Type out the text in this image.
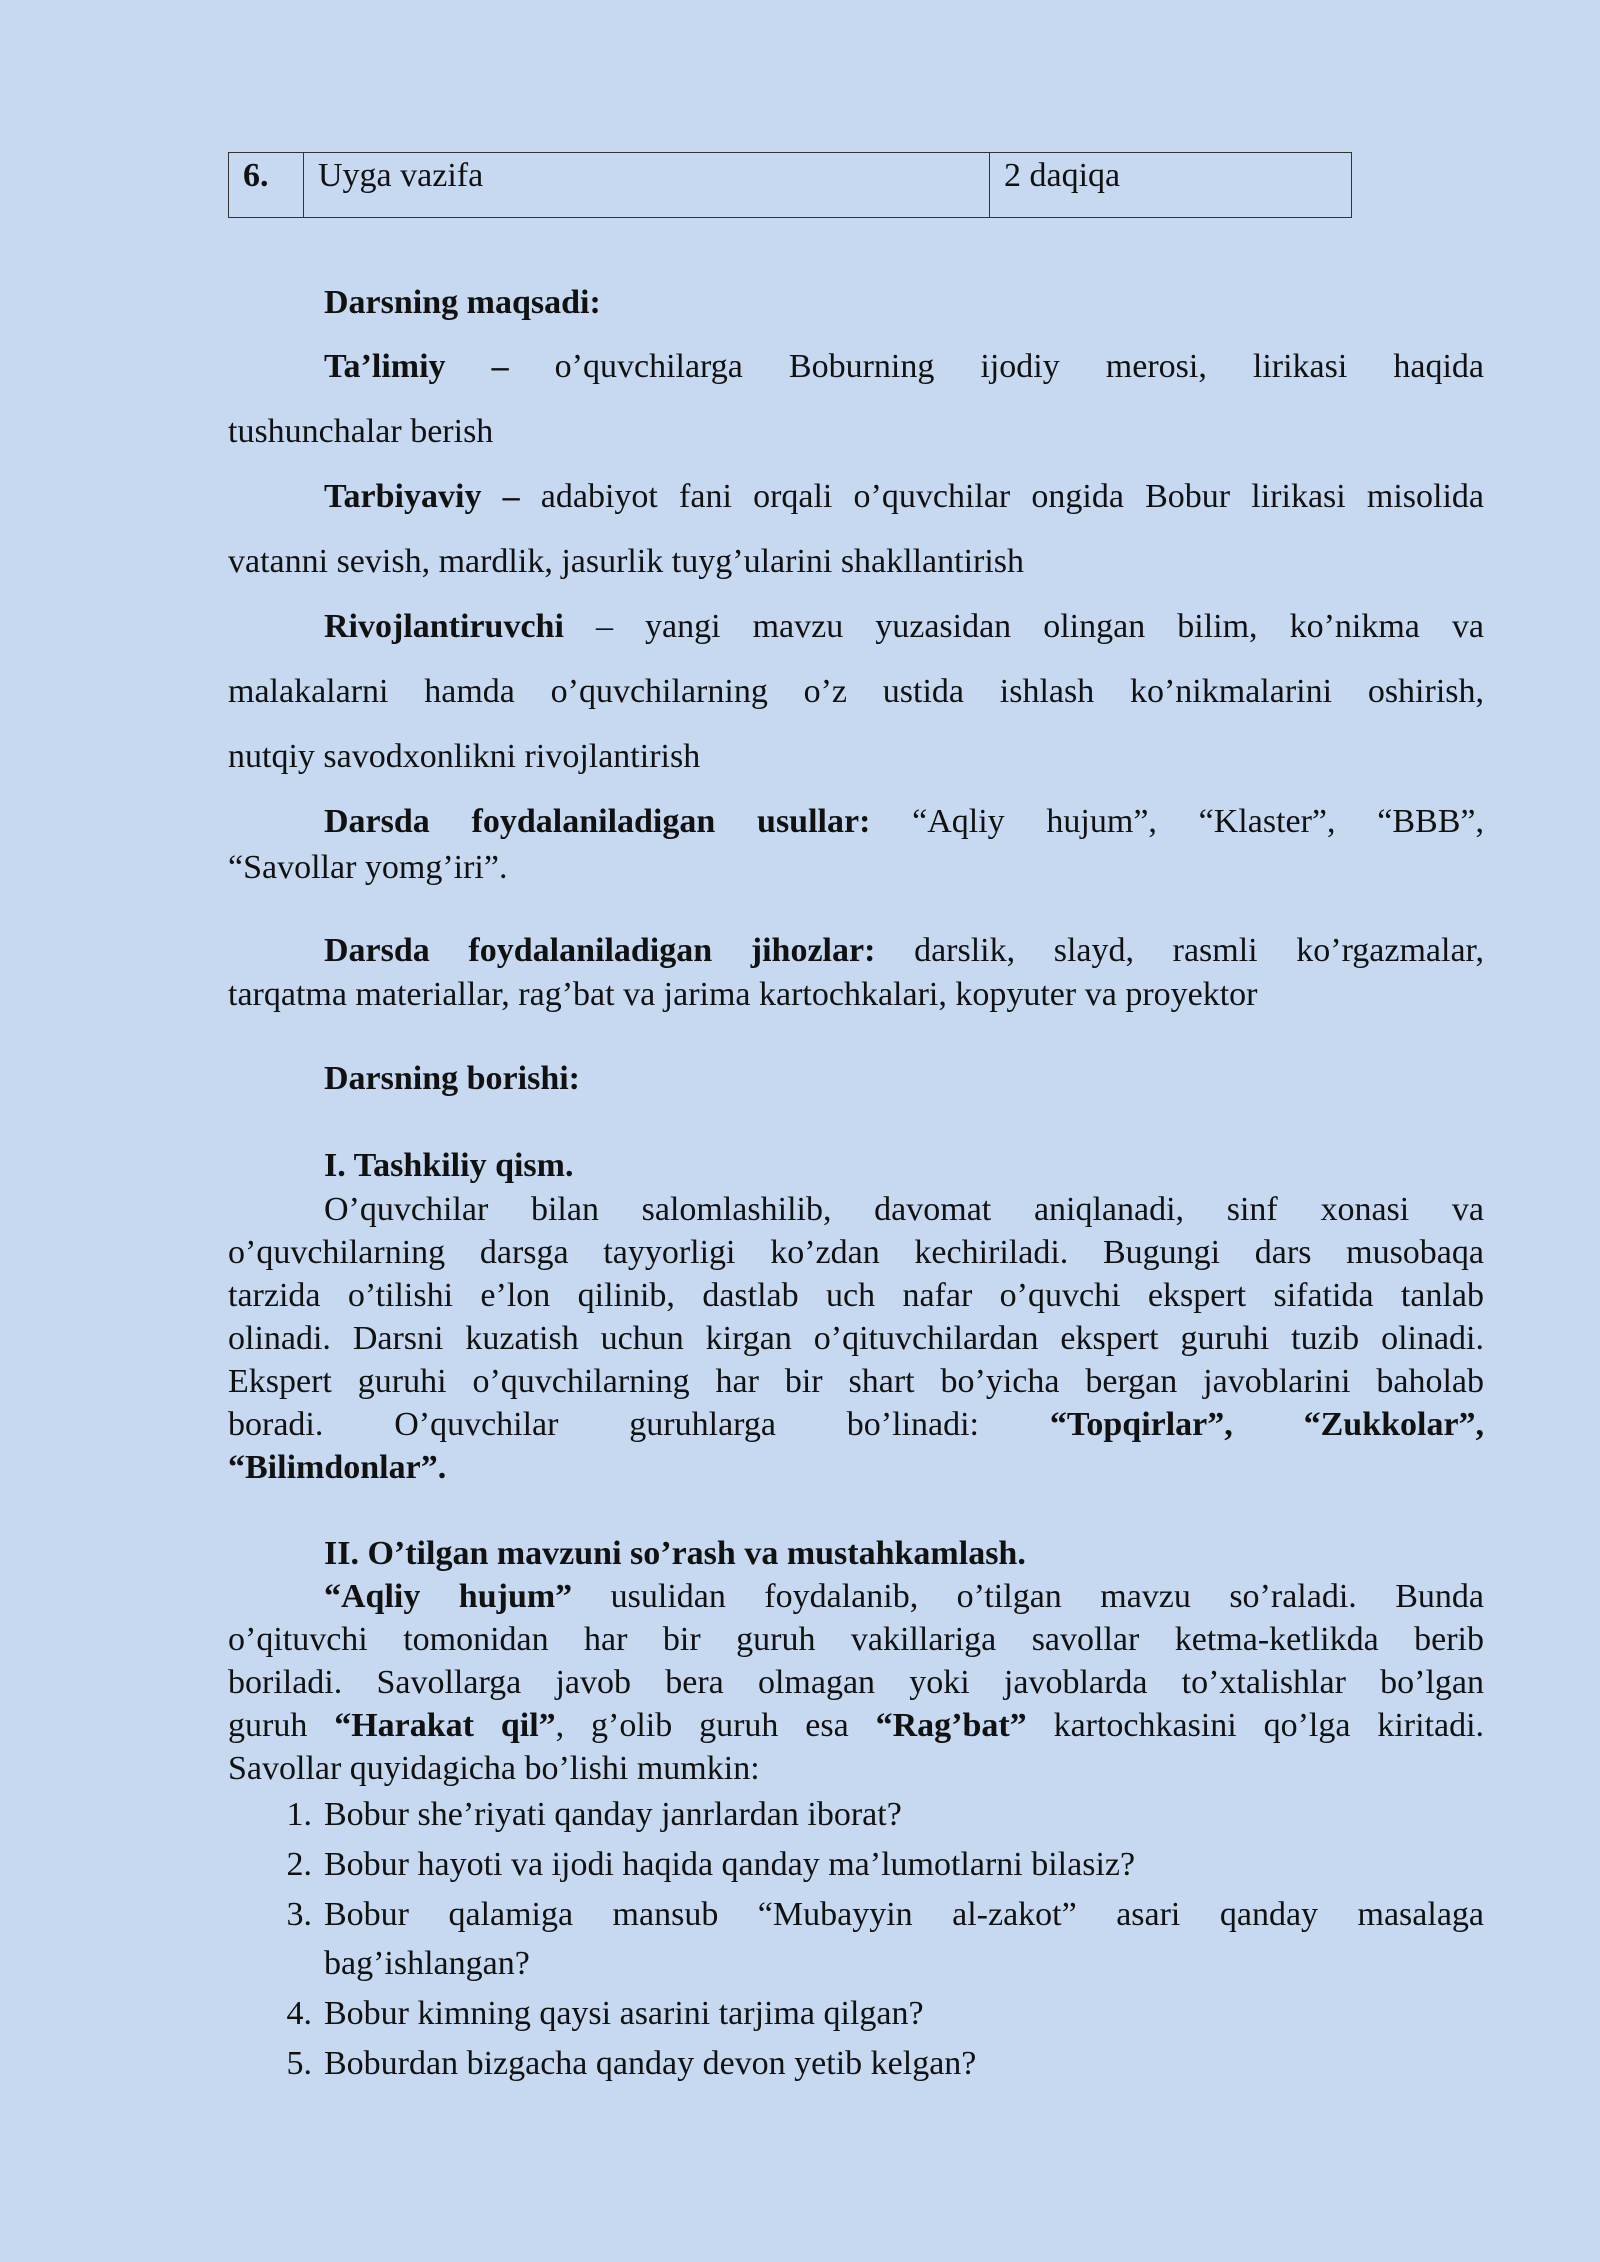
6.	Uyga vazifa	2 daqiqa
Darsning maqsadi:
Ta’limiy – o’quvchilarga Boburning ijodiy merosi, lirikasi haqida
tushunchalar berish
Tarbiyaviy – adabiyot fani orqali o’quvchilar ongida Bobur lirikasi misolida
vatanni sevish, mardlik, jasurlik tuyg’ularini shakllantirish
Rivojlantiruvchi – yangi mavzu yuzasidan olingan bilim, ko’nikma va
malakalarni hamda o’quvchilarning o’z ustida ishlash ko’nikmalarini oshirish,
nutqiy savodxonlikni rivojlantirish
Darsda foydalaniladigan usullar: “Aqliy hujum”, “Klaster”, “BBB”,
“Savollar yomg’iri”.
Darsda foydalaniladigan jihozlar: darslik, slayd, rasmli ko’rgazmalar,
tarqatma materiallar, rag’bat va jarima kartochkalari, kopyuter va proyektor
Darsning borishi:
I. Tashkiliy qism.
O’quvchilar bilan salomlashilib, davomat aniqlanadi, sinf xonasi va
o’quvchilarning darsga tayyorligi ko’zdan kechiriladi. Bugungi dars musobaqa
tarzida o’tilishi e’lon qilinib, dastlab uch nafar o’quvchi ekspert sifatida tanlab
olinadi. Darsni kuzatish uchun kirgan o’qituvchilardan ekspert guruhi tuzib olinadi.
Ekspert guruhi o’quvchilarning har bir shart bo’yicha bergan javoblarini baholab
boradi. O’quvchilar guruhlarga bo’linadi: “Topqirlar”, “Zukkolar”,
“Bilimdonlar”.
II. O’tilgan mavzuni so’rash va mustahkamlash.
“Aqliy hujum” usulidan foydalanib, o’tilgan mavzu so’raladi. Bunda
o’qituvchi tomonidan har bir guruh vakillariga savollar ketma-ketlikda berib
boriladi. Savollarga javob bera olmagan yoki javoblarda to’xtalishlar bo’lgan
guruh “Harakat qil”, g’olib guruh esa “Rag’bat” kartochkasini qo’lga kiritadi.
Savollar quyidagicha bo’lishi mumkin:
1. Bobur she’riyati qanday janrlardan iborat?
2. Bobur hayoti va ijodi haqida qanday ma’lumotlarni bilasiz?
3. Bobur qalamiga mansub “Mubayyin al-zakot” asari qanday masalaga
bag’ishlangan?
4. Bobur kimning qaysi asarini tarjima qilgan?
5. Boburdan bizgacha qanday devon yetib kelgan?
